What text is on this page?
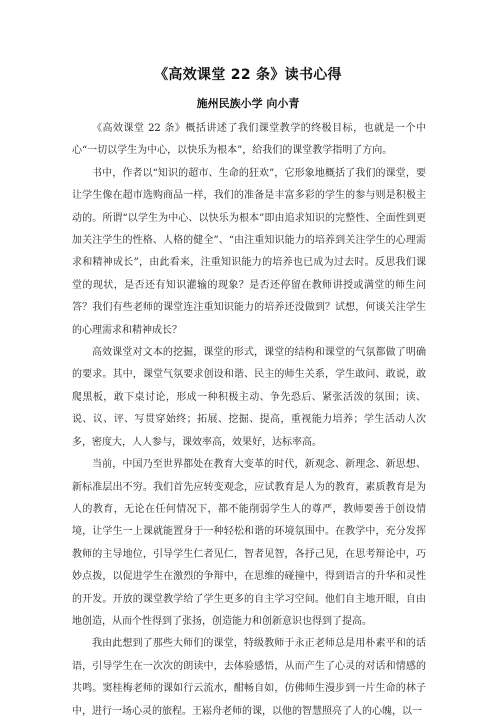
《高效课堂 22 条》读书心得
施州民族小学 向小青

《高效课堂 22 条》概括讲述了我们课堂教学的终极目标，也就是一个中心“一切以学生为中心，以快乐为根本”，给我们的课堂教学指明了方向。

书中，作者以“知识的超市、生命的狂欢”，它形象地概括了我们的课堂，要让学生像在超市选购商品一样，我们的准备是丰富多彩的学生的参与则是积极主动的。所谓“以学生为中心、以快乐为根本”即由追求知识的完整性、全面性到更加关注学生的性格、人格的健全”、“由注重知识能力的培养到关注学生的心理需求和精神成长”，由此看来，注重知识能力的培养也已成为过去时。反思我们课堂的现状，是否还有知识灌输的现象？是否还停留在教师讲授或满堂的师生问答？我们有些老师的课堂连注重知识能力的培养还没做到？试想，何谈关注学生的心理需求和精神成长？

高效课堂对文本的挖掘，课堂的形式，课堂的结构和课堂的气氛都做了明确的要求。其中，课堂气氛要求创设和谐、民主的师生关系，学生敢问、敢说，敢爬黑板，敢下桌讨论，形成一种积极主动、争先恐后、紧张活泼的氛围；读、说、议、评、写贯穿始终；拓展、挖掘、提高，重视能力培养；学生活动人次多，密度大，人人参与，课效率高，效果好，达标率高。

当前，中国乃至世界都处在教育大变革的时代，新观念、新理念、新思想、新标准层出不穷。我们首先应转变观念，应试教育是人为的教育，素质教育是为人的教育，无论在任何情况下，都不能削弱学生人的尊严，教师要善于创设情境，让学生一上课就能置身于一种轻松和谐的环境氛围中。在教学中，充分发挥教师的主导地位，引导学生仁者见仁，智者见智，各抒己见，在思考辩论中，巧妙点拨，以促进学生在激烈的争辩中，在思维的碰撞中，得到语言的升华和灵性的开发。开放的课堂教学给了学生更多的自主学习空间。他们自主地开眼，自由地创造，从而个性得到了张扬，创造能力和创新意识也得到了提高。

我由此想到了那些大师们的课堂，特级教师于永正老师总是用朴素平和的话语，引导学生在一次次的朗读中，去体验感悟，从而产生了心灵的对话和情感的共鸣。窦桂梅老师的课如行云流水，酣畅自如，仿佛师生漫步到一片生命的林子中，进行一场心灵的旅程。王崧舟老师的课，以他的智慧照亮了人的心魄，以一
